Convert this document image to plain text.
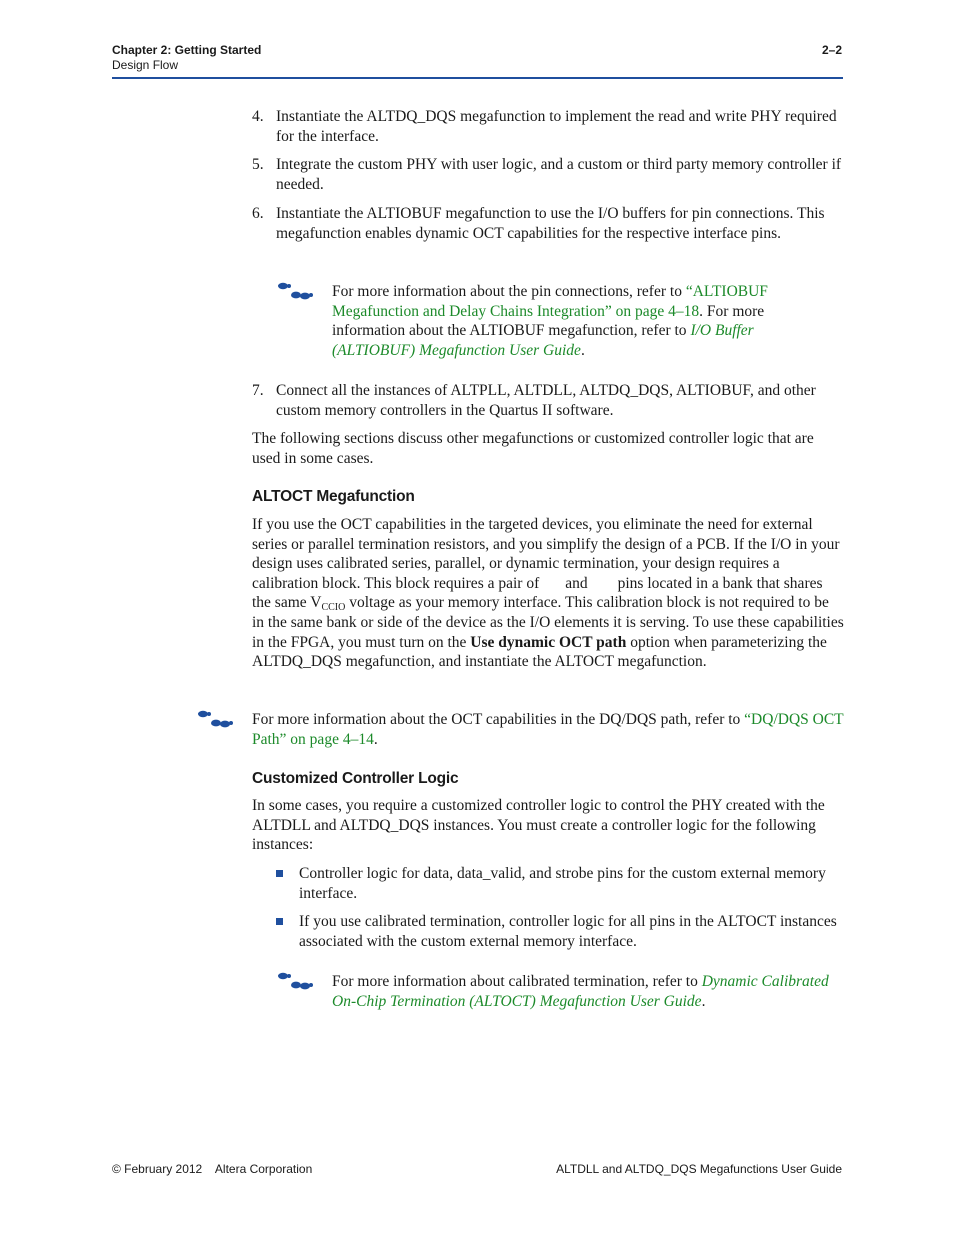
Chapter 2: Getting Started
Design Flow
2–2
4. Instantiate the ALTDQ_DQS megafunction to implement the read and write PHY required for the interface.
5. Integrate the custom PHY with user logic, and a custom or third party memory controller if needed.
6. Instantiate the ALTIOBUF megafunction to use the I/O buffers for pin connections. This megafunction enables dynamic OCT capabilities for the respective interface pins.
For more information about the pin connections, refer to “ALTIOBUF Megafunction and Delay Chains Integration” on page 4–18. For more information about the ALTIOBUF megafunction, refer to I/O Buffer (ALTIOBUF) Megafunction User Guide.
7. Connect all the instances of ALTPLL, ALTDLL, ALTDQ_DQS, ALTIOBUF, and other custom memory controllers in the Quartus II software.
The following sections discuss other megafunctions or customized controller logic that are used in some cases.
ALTOCT Megafunction
If you use the OCT capabilities in the targeted devices, you eliminate the need for external series or parallel termination resistors, and you simplify the design of a PCB. If the I/O in your design uses calibrated series, parallel, or dynamic termination, your design requires a calibration block. This block requires a pair of and pins located in a bank that shares the same $V_{CCIO}$ voltage as your memory interface. This calibration block is not required to be in the same bank or side of the device as the I/O elements it is serving. To use these capabilities in the FPGA, you must turn on the Use dynamic OCT path option when parameterizing the ALTDQ_DQS megafunction, and instantiate the ALTOCT megafunction.
For more information about the OCT capabilities in the DQ/DQS path, refer to “DQ/DQS OCT Path” on page 4–14.
Customized Controller Logic
In some cases, you require a customized controller logic to control the PHY created with the ALTDLL and ALTDQ_DQS instances. You must create a controller logic for the following instances:
Controller logic for data, data_valid, and strobe pins for the custom external memory interface.
If you use calibrated termination, controller logic for all pins in the ALTOCT instances associated with the custom external memory interface.
For more information about calibrated termination, refer to Dynamic Calibrated On-Chip Termination (ALTOCT) Megafunction User Guide.
© February 2012    Altera Corporation	ALTDLL and ALTDQ_DQS Megafunctions User Guide
